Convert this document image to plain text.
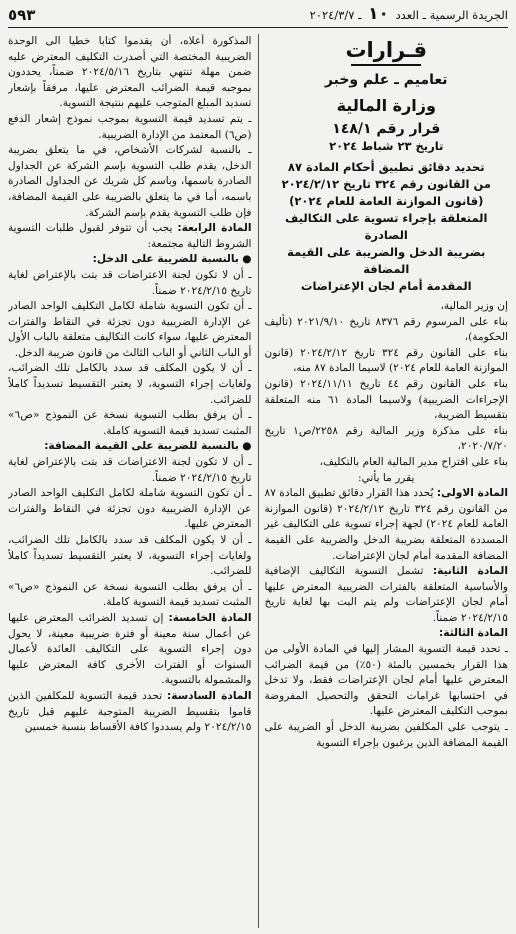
الجريدة الرسمية ـ العدد ١٠ ـ ٢٠٢٤/٣/٧
٥٩٣
قـرارات
تعاميم ـ علم وخبر
وزارة المالية
قرار رقم ١٤٨/١
تاريخ ٢٣ شباط ٢٠٢٤
تحديد دقائق تطبيق أحكام المادة ٨٧
من القانون رقم ٣٢٤ تاريخ ٢٠٢٤/٢/١٢
(قانون الموازنة العامة للعام ٢٠٢٤)
المتعلقة بإجراء تسوية على التكاليف الصادرة
بضريبة الدخل والضريبة على القيمة المضافة
المقدمة أمام لجان الإعتراضات

إن وزير المالية،

بناء على المرسوم رقم ٨٣٧٦ تاريخ ٢٠٢١/٩/١٠ (تأليف الحكومة)،

بناء على القانون رقم ٣٢٤ تاريخ ٢٠٢٤/٢/١٢ (قانون الموازنة العامة للعام ٢٠٢٤) لاسيما المادة ٨٧ منه،

بناء على القانون رقم ٤٤ تاريخ ٢٠٢٤/١١/١١ (قانون الإجراءات الضريبية) ولاسيما المادة ٦١ منه المتعلقة بتقسيط الضريبة،

بناء على مذكرة وزير المالية رقم ٢٢٥٨/ص١ تاريخ ٢٠٢٠/٧/٢٠،

بناء على اقتراح مدير المالية العام بالتكليف،

يقرر ما يأتي:

المادة الاولى: يُحدد هذا القرار دقائق تطبيق المادة ٨٧ من القانون رقم ٣٢٤ تاريخ ٢٠٢٤/٢/١٢ (قانون الموازنة العامة للعام ٢٠٢٤) لجهة إجراء تسوية على التكاليف غير المسددة المتعلقة بضريبة الدخل والضريبة على القيمة المضافة المقدمة أمام لجان الإعتراضات.

المادة الثانية: تشمل التسوية التكاليف الإضافية والأساسية المتعلقة بالفترات الضريبية المعترض عليها أمام لجان الإعتراضات ولم يتم البت بها لغاية تاريخ ٢٠٢٤/٢/١٥ ضمناً.

المادة الثالثة:

ـ تحدد قيمة التسوية المشار إليها في المادة الأولى من هذا القرار بخمسين بالمئة (٥٠٪) من قيمة الضرائب المعترض عليها أمام لجان الإعتراضات فقط، ولا تدخل في احتسابها غرامات التحقق والتحصيل المفروضة بموجب التكليف المعترض عليها.

ـ يتوجب على المكلفين بضريبة الدخل أو الضريبة على القيمة المضافة الذين يرغبون بإجراء التسوية

المذكورة أعلاه، أن يقدموا كتابا خطيا الى الوحدة الضريبية المختصة التي أصدرت التكليف المعترض عليه ضمن مهلة تنتهي بتاريخ ٢٠٢٤/٥/١٦ ضمناً، يحددون بموجبه قيمة الضرائب المعترض عليها، مرفقاً بإشعار تسديد المبلغ المتوجب عليهم بنتيجة التسوية.

ـ يتم تسديد قيمة التسوية بموجب نموذج إشعار الدفع (ص٦) المعتمد من الإدارة الضريبية.

ـ بالنسبة لشركات الأشخاص، في ما يتعلق بضريبة الدخل، يقدم طلب التسوية بإسم الشركة عن الجداول الصادرة باسمها، وباسم كل شريك عن الجداول الصادرة باسمه، أما في ما يتعلق بالضريبة على القيمة المضافة، فإن طلب التسوية يقدم بإسم الشركة.

المادة الرابعة: يجب أن تتوفر لقبول طلبات التسوية الشروط التالية مجتمعة:

● بالنسبة للضريبة على الدخل:

ـ أن لا تكون لجنة الاعتراضات قد بتت بالإعتراض لغاية تاريخ ٢٠٢٤/٢/١٥ ضمناً.

ـ أن تكون التسوية شاملة لكامل التكليف الواحد الصادر عن الإدارة الضريبية دون تجزئة في النقاط والفترات المعترض عليها، سواء كانت التكاليف متعلقة بالباب الأول أو الباب الثاني أو الباب الثالث من قانون ضريبة الدخل.

ـ أن لا يكون المكلف قد سدد بالكامل تلك الضرائب، ولغايات إجراء التسوية، لا يعتبر التقسيط تسديداً كاملاً للضرائب.

ـ أن يرفق بطلب التسوية نسخة عن النموذج «ص٦» المثبت تسديد قيمة التسوية كاملة.

● بالنسبة للضريبة على القيمة المضافة:

ـ أن لا تكون لجنة الاعتراضات قد بتت بالإعتراض لغاية تاريخ ٢٠٢٤/٢/١٥ ضمناً.

ـ أن تكون التسوية شاملة لكامل التكليف الواحد الصادر عن الإدارة الضريبية دون تجزئة في النقاط والفترات المعترض عليها.

ـ أن لا يكون المكلف قد سدد بالكامل تلك الضرائب، ولغايات إجراء التسوية، لا يعتبر التقسيط تسديداً كاملاً للضرائب.

ـ أن يرفق بطلب التسوية نسخة عن النموذج «ص٦» المثبت تسديد قيمة التسوية كاملة.

المادة الخامسة: إن تسديد الضرائب المعترض عليها عن أعمال سنة معينة أو فترة ضريبية معينة، لا يحول دون إجراء التسوية على التكاليف العائدة لأعمال السنوات أو الفترات الأخرى كافة المعترض عليها والمشمولة بالتسوية.

المادة السادسة: تحدد قيمة التسوية للمكلفين الذين قاموا بتقسيط الضريبة المتوجبة عليهم قبل تاريخ ٢٠٢٤/٢/١٥ ولم يسددوا كافة الأقساط بنسبة خمسين
